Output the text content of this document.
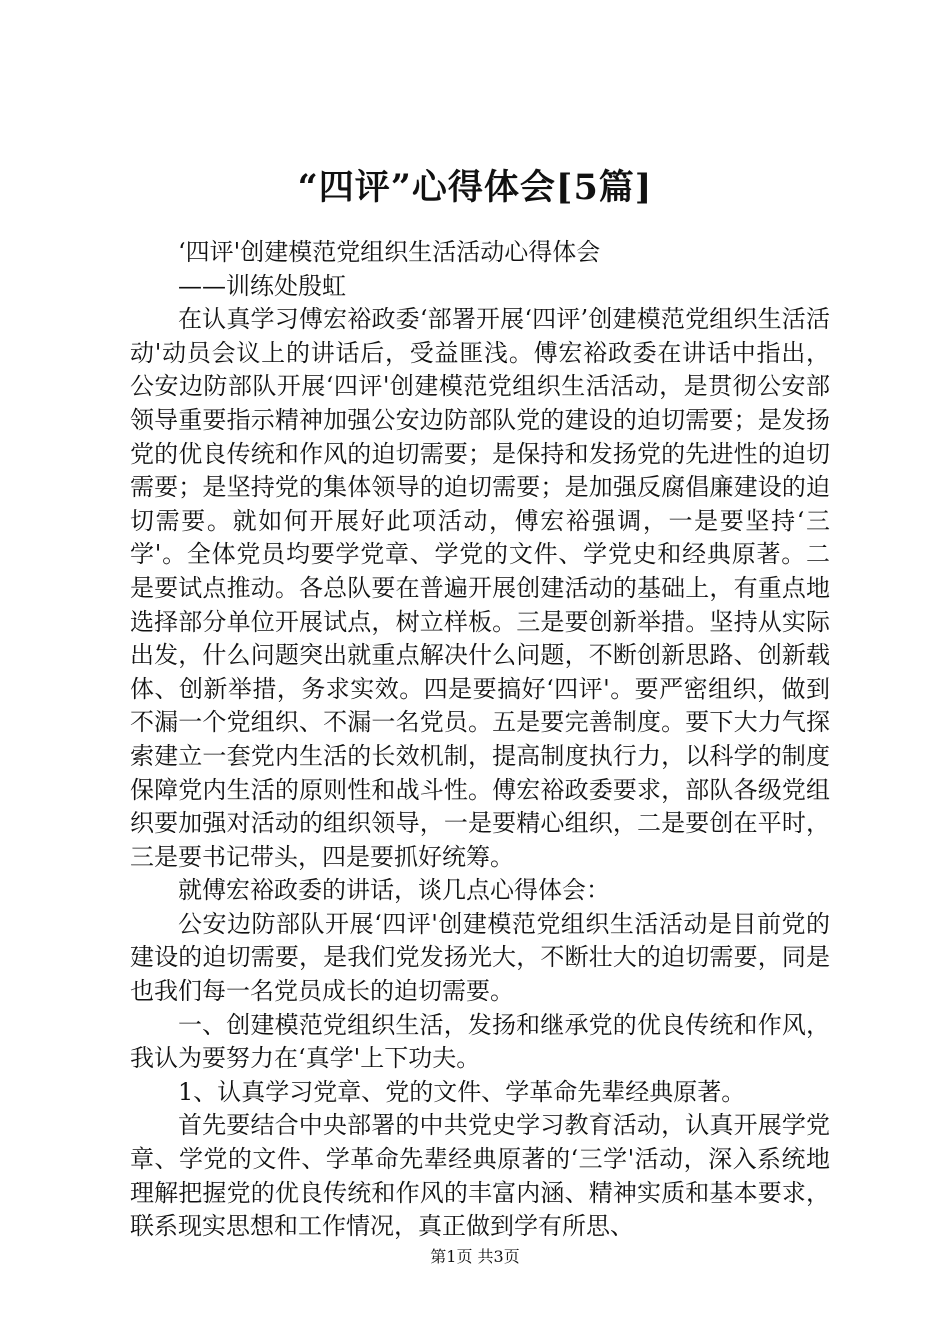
“四评”心得体会[5篇]

‘四评'创建模范党组织生活活动心得体会

——训练处殷虹

在认真学习傅宏裕政委‘部署开展‘四评’创建模范党组织生活活动'动员会议上的讲话后，受益匪浅。傅宏裕政委在讲话中指出，公安边防部队开展‘四评'创建模范党组织生活活动，是贯彻公安部领导重要指示精神加强公安边防部队党的建设的迫切需要；是发扬党的优良传统和作风的迫切需要；是保持和发扬党的先进性的迫切需要；是坚持党的集体领导的迫切需要；是加强反腐倡廉建设的迫切需要。就如何开展好此项活动，傅宏裕强调，一是要坚持‘三学'。全体党员均要学党章、学党的文件、学党史和经典原著。二是要试点推动。各总队要在普遍开展创建活动的基础上，有重点地选择部分单位开展试点，树立样板。三是要创新举措。坚持从实际出发，什么问题突出就重点解决什么问题，不断创新思路、创新载体、创新举措，务求实效。四是要搞好‘四评'。要严密组织，做到不漏一个党组织、不漏一名党员。五是要完善制度。要下大力气探索建立一套党内生活的长效机制，提高制度执行力，以科学的制度保障党内生活的原则性和战斗性。傅宏裕政委要求，部队各级党组织要加强对活动的组织领导，一是要精心组织，二是要创在平时，三是要书记带头，四是要抓好统筹。

就傅宏裕政委的讲话，谈几点心得体会：

公安边防部队开展‘四评'创建模范党组织生活活动是目前党的建设的迫切需要，是我们党发扬光大，不断壮大的迫切需要，同是也我们每一名党员成长的迫切需要。

一、创建模范党组织生活，发扬和继承党的优良传统和作风，我认为要努力在‘真学'上下功夫。

1、认真学习党章、党的文件、学革命先辈经典原著。

首先要结合中央部署的中共党史学习教育活动，认真开展学党章、学党的文件、学革命先辈经典原著的‘三学'活动，深入系统地理解把握党的优良传统和作风的丰富内涵、精神实质和基本要求，联系现实思想和工作情况，真正做到学有所思、

第1页 共3页
